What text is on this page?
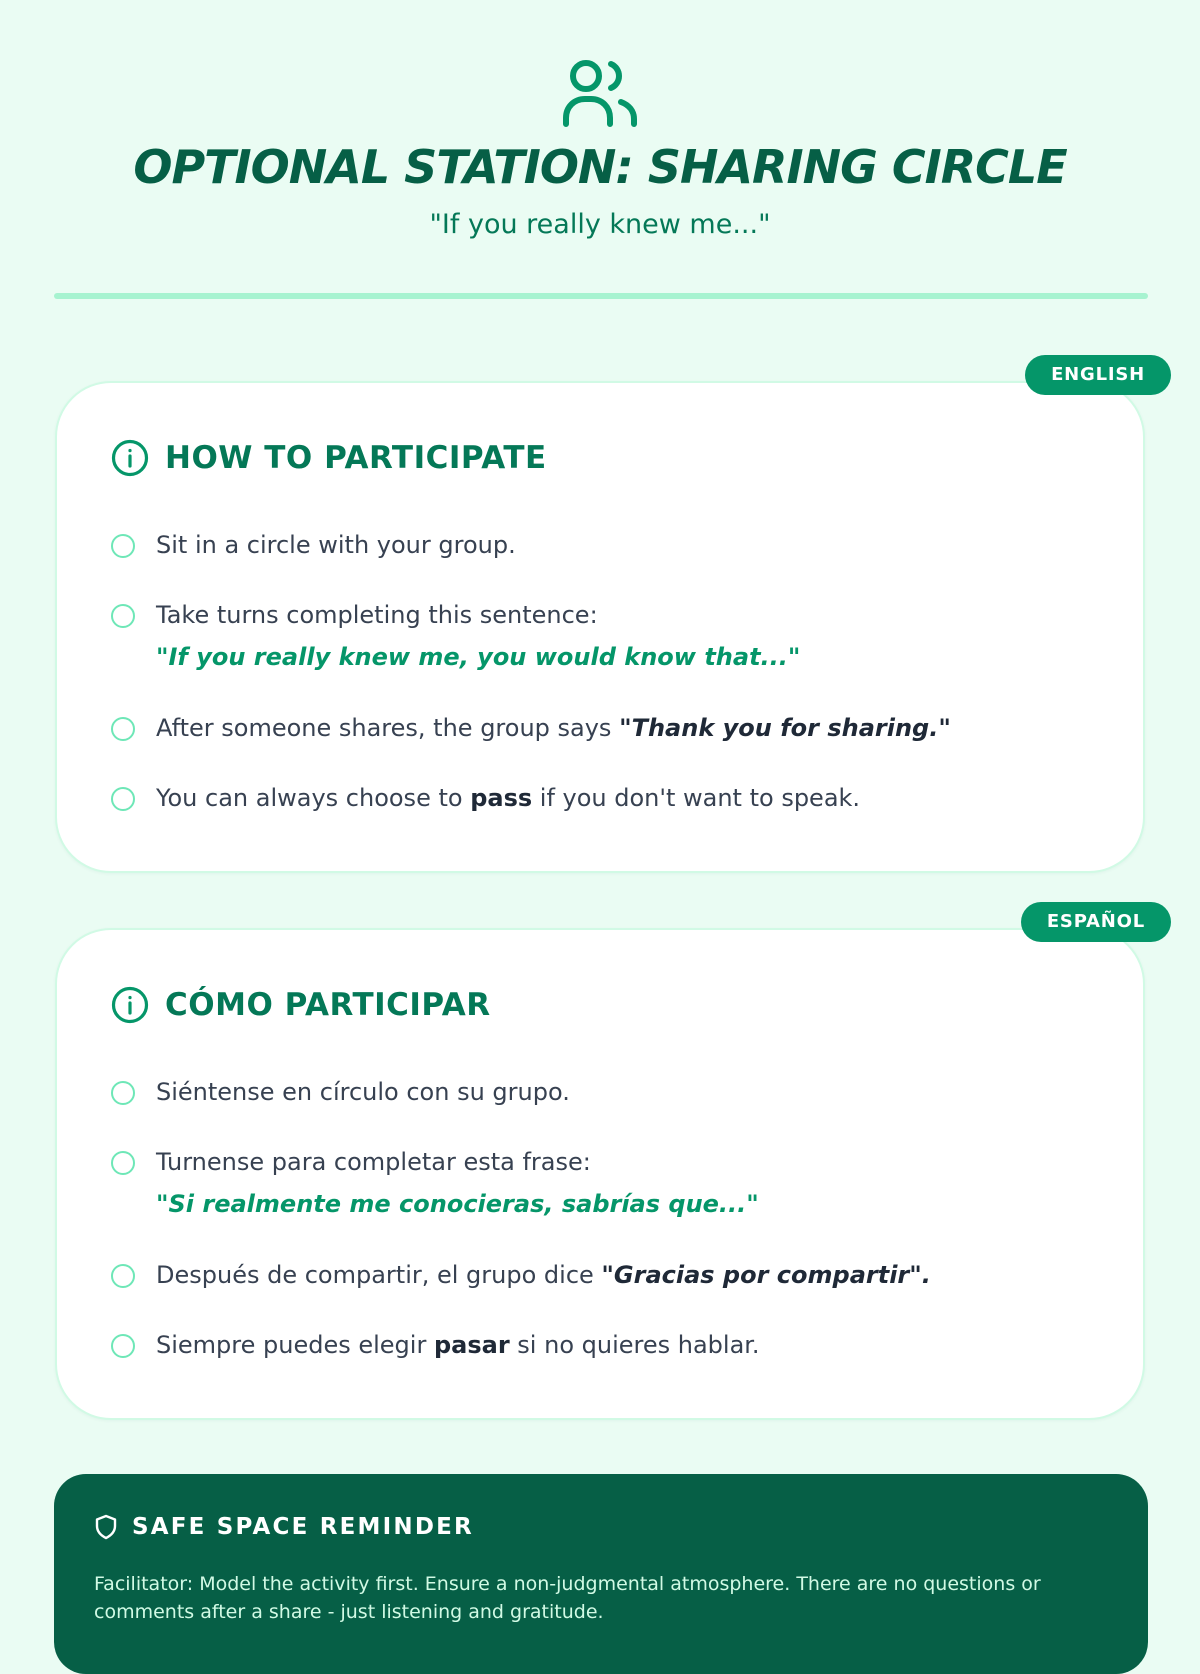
OPTIONAL STATION: SHARING CIRCLE
"If you really knew me..."
ENGLISH
HOW TO PARTICIPATE
Sit in a circle with your group.
Take turns completing this sentence:
"If you really knew me, you would know that..."
After someone shares, the group says "Thank you for sharing."
You can always choose to pass if you don't want to speak.
ESPAÑOL
CÓMO PARTICIPAR
Siéntense en círculo con su grupo.
Turnense para completar esta frase:
"Si realmente me conocieras, sabrías que..."
Después de compartir, el grupo dice "Gracias por compartir".
Siempre puedes elegir pasar si no quieres hablar.
SAFE SPACE REMINDER
Facilitator: Model the activity first. Ensure a non-judgmental atmosphere. There are no questions or comments after a share - just listening and gratitude.
